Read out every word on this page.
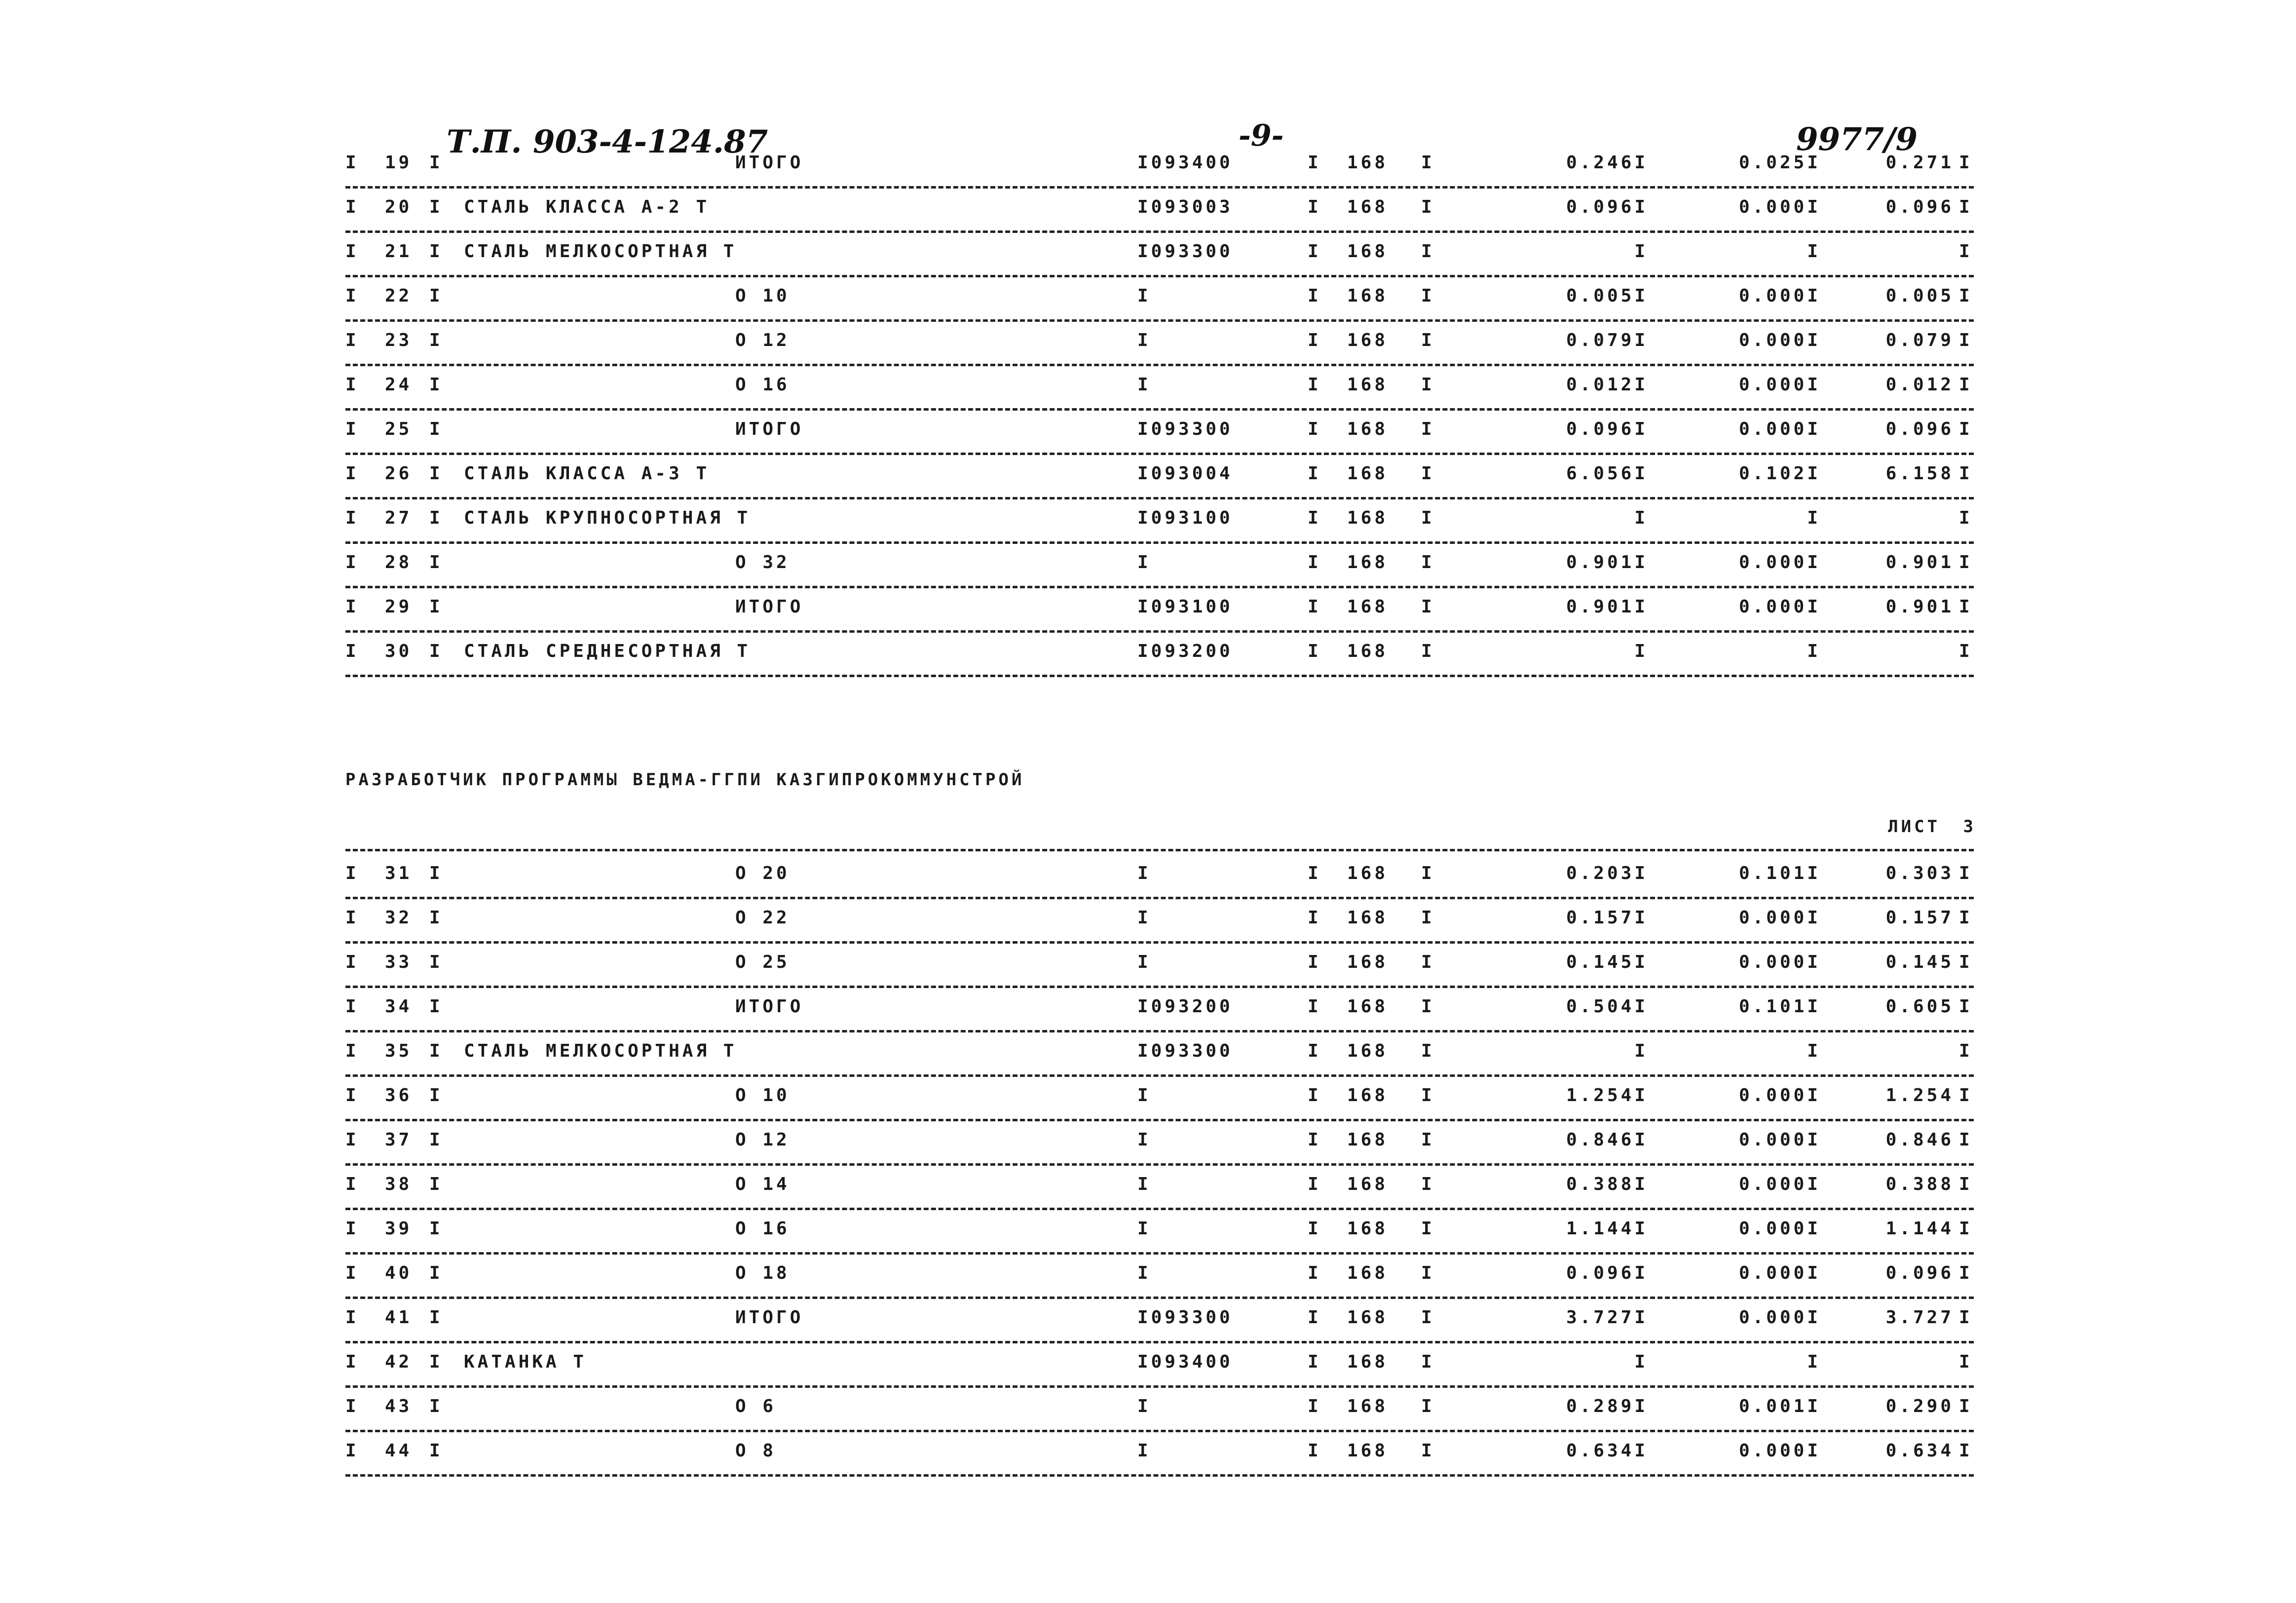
Т.П. 903-4-124.87	-9-	9977/9
I 19 I	ИТОГО	I093400	I 168 I	0.246I	0.025I	0.271 I
I 20 I СТАЛЬ КЛАССА А-2 Т	I093003	I 168 I	0.096I	0.000I	0.096 I
I 21 I СТАЛЬ МЕЛКОСОРТНАЯ Т	I093300	I 168 I	I	I	I
I 22 I	О 10	I	I 168 I	0.005I	0.000I	0.005 I
I 23 I	О 12	I	I 168 I	0.079I	0.000I	0.079 I
I 24 I	О 16	I	I 168 I	0.012I	0.000I	0.012 I
I 25 I	ИТОГО	I093300	I 168 I	0.096I	0.000I	0.096 I
I 26 I СТАЛЬ КЛАССА А-3 Т	I093004	I 168 I	6.056I	0.102I	6.158 I
I 27 I СТАЛЬ КРУПНОСОРТНАЯ Т	I093100	I 168 I	I	I	I
I 28 I	О 32	I	I 168 I	0.901I	0.000I	0.901 I
I 29 I	ИТОГО	I093100	I 168 I	0.901I	0.000I	0.901 I
I 30 I СТАЛЬ СРЕДНЕСОРТНАЯ Т	I093200	I 168 I	I	I	I
РАЗРАБОТЧИК ПРОГРАММЫ ВЕДМА-ГГПИ КАЗГИПРОКОММУНСТРОЙ
ЛИСТ 3
I 31 I	О 20	I	I 168 I	0.203I	0.101I	0.303 I
I 32 I	О 22	I	I 168 I	0.157I	0.000I	0.157 I
I 33 I	О 25	I	I 168 I	0.145I	0.000I	0.145 I
I 34 I	ИТОГО	I093200	I 168 I	0.504I	0.101I	0.605 I
I 35 I СТАЛЬ МЕЛКОСОРТНАЯ Т	I093300	I 168 I	I	I	I
I 36 I	О 10	I	I 168 I	1.254I	0.000I	1.254 I
I 37 I	О 12	I	I 168 I	0.846I	0.000I	0.846 I
I 38 I	О 14	I	I 168 I	0.388I	0.000I	0.388 I
I 39 I	О 16	I	I 168 I	1.144I	0.000I	1.144 I
I 40 I	О 18	I	I 168 I	0.096I	0.000I	0.096 I
I 41 I	ИТОГО	I093300	I 168 I	3.727I	0.000I	3.727 I
I 42 I КАТАНКА Т	I093400	I 168 I	I	I	I
I 43 I	О 6	I	I 168 I	0.289I	0.001I	0.290 I
I 44 I	О 8	I	I 168 I	0.634I	0.000I	0.634 I
